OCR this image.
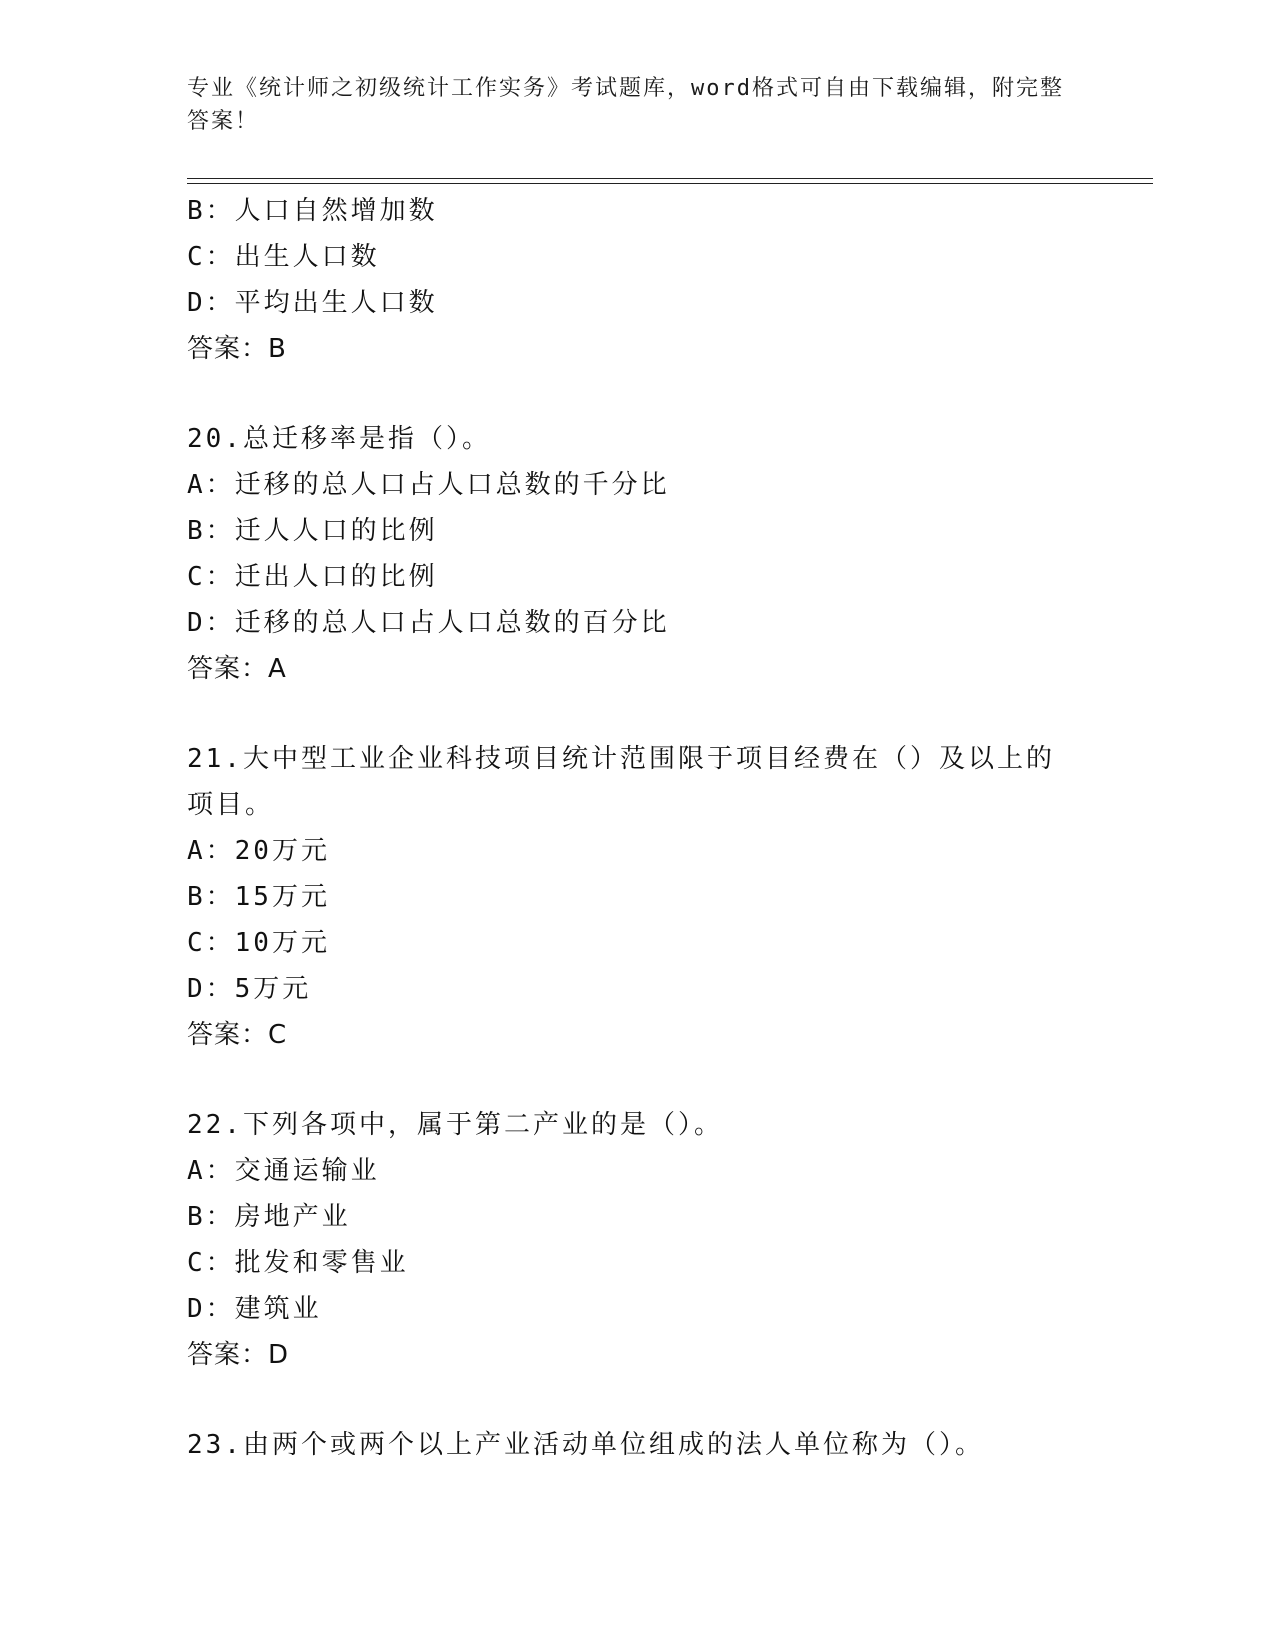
专业《统计师之初级统计工作实务》考试题库，word格式可自由下载编辑，附完整答案！
B：人口自然增加数
C：出生人口数
D：平均出生人口数
答案：B
20.总迁移率是指（）。
A：迁移的总人口占人口总数的千分比
B：迁人人口的比例
C：迁出人口的比例
D：迁移的总人口占人口总数的百分比
答案：A
21.大中型工业企业科技项目统计范围限于项目经费在（）及以上的项目。
A：20万元
B：15万元
C：10万元
D：5万元
答案：C
22.下列各项中，属于第二产业的是（）。
A：交通运输业
B：房地产业
C：批发和零售业
D：建筑业
答案：D
23.由两个或两个以上产业活动单位组成的法人单位称为（）。
